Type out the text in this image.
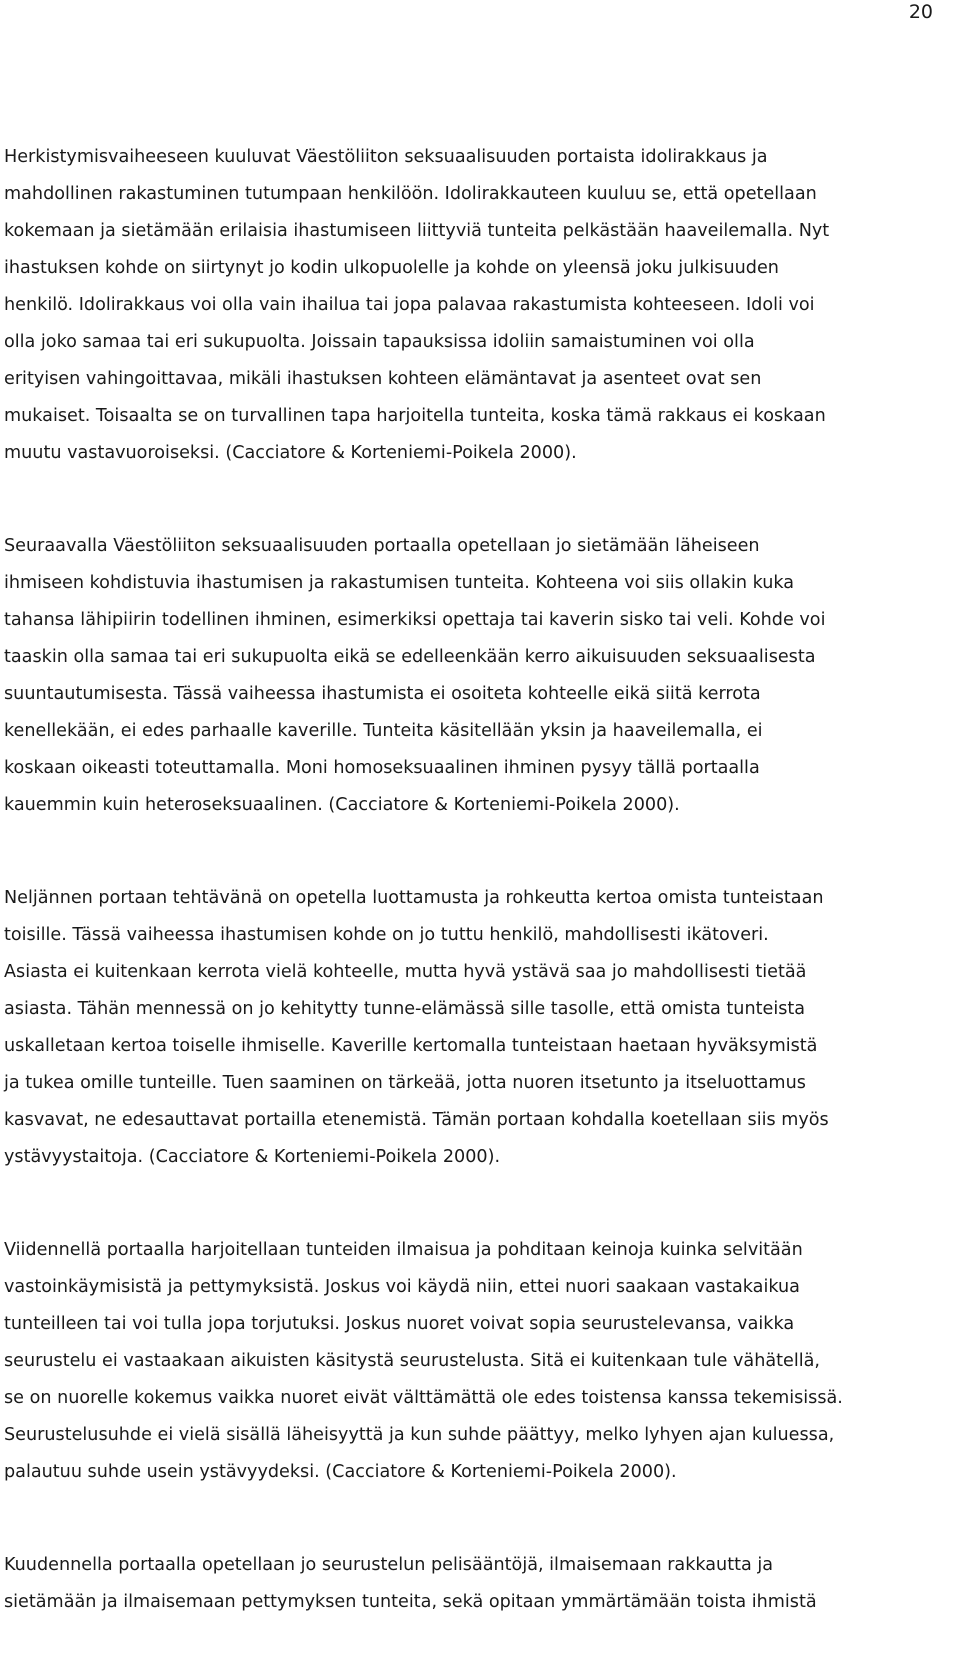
20

Herkistymisvaiheeseen kuuluvat Väestöliiton seksuaalisuuden portaista idolirakkaus ja
mahdollinen rakastuminen tutumpaan henkilöön. Idolirakkauteen kuuluu se, että opetellaan
kokemaan ja sietämään erilaisia ihastumiseen liittyviä tunteita pelkästään haaveilemalla. Nyt
ihastuksen kohde on siirtynyt jo kodin ulkopuolelle ja kohde on yleensä joku julkisuuden
henkilö. Idolirakkaus voi olla vain ihailua tai jopa palavaa rakastumista kohteeseen. Idoli voi
olla joko samaa tai eri sukupuolta. Joissain tapauksissa idoliin samaistuminen voi olla
erityisen vahingoittavaa, mikäli ihastuksen kohteen elämäntavat ja asenteet ovat sen
mukaiset. Toisaalta se on turvallinen tapa harjoitella tunteita, koska tämä rakkaus ei koskaan
muutu vastavuoroiseksi. (Cacciatore & Korteniemi-Poikela 2000).

Seuraavalla Väestöliiton seksuaalisuuden portaalla opetellaan jo sietämään läheiseen
ihmiseen kohdistuvia ihastumisen ja rakastumisen tunteita. Kohteena voi siis ollakin kuka
tahansa lähipiirin todellinen ihminen, esimerkiksi opettaja tai kaverin sisko tai veli. Kohde voi
taaskin olla samaa tai eri sukupuolta eikä se edelleenkään kerro aikuisuuden seksuaalisesta
suuntautumisesta. Tässä vaiheessa ihastumista ei osoiteta kohteelle eikä siitä kerrota
kenellekään, ei edes parhaalle kaverille. Tunteita käsitellään yksin ja haaveilemalla, ei
koskaan oikeasti toteuttamalla. Moni homoseksuaalinen ihminen pysyy tällä portaalla
kauemmin kuin heteroseksuaalinen. (Cacciatore & Korteniemi-Poikela 2000).

Neljännen portaan tehtävänä on opetella luottamusta ja rohkeutta kertoa omista tunteistaan
toisille. Tässä vaiheessa ihastumisen kohde on jo tuttu henkilö, mahdollisesti ikätoveri.
Asiasta ei kuitenkaan kerrota vielä kohteelle, mutta hyvä ystävä saa jo mahdollisesti tietää
asiasta. Tähän mennessä on jo kehitytty tunne-elämässä sille tasolle, että omista tunteista
uskalletaan kertoa toiselle ihmiselle. Kaverille kertomalla tunteistaan haetaan hyväksymistä
ja tukea omille tunteille. Tuen saaminen on tärkeää, jotta nuoren itsetunto ja itseluottamus
kasvavat, ne edesauttavat portailla etenemistä. Tämän portaan kohdalla koetellaan siis myös
ystävyystaitoja. (Cacciatore & Korteniemi-Poikela 2000).

Viidennellä portaalla harjoitellaan tunteiden ilmaisua ja pohditaan keinoja kuinka selvitään
vastoinkäymisistä ja pettymyksistä. Joskus voi käydä niin, ettei nuori saakaan vastakaikua
tunteilleen tai voi tulla jopa torjutuksi. Joskus nuoret voivat sopia seurustelevansa, vaikka
seurustelu ei vastaakaan aikuisten käsitystä seurustelusta. Sitä ei kuitenkaan tule vähätellä,
se on nuorelle kokemus vaikka nuoret eivät välttämättä ole edes toistensa kanssa tekemisissä.
Seurustelusuhde ei vielä sisällä läheisyyttä ja kun suhde päättyy, melko lyhyen ajan kuluessa,
palautuu suhde usein ystävyydeksi. (Cacciatore & Korteniemi-Poikela 2000).

Kuudennella portaalla opetellaan jo seurustelun pelisääntöjä, ilmaisemaan rakkautta ja
sietämään ja ilmaisemaan pettymyksen tunteita, sekä opitaan ymmärtämään toista ihmistä
